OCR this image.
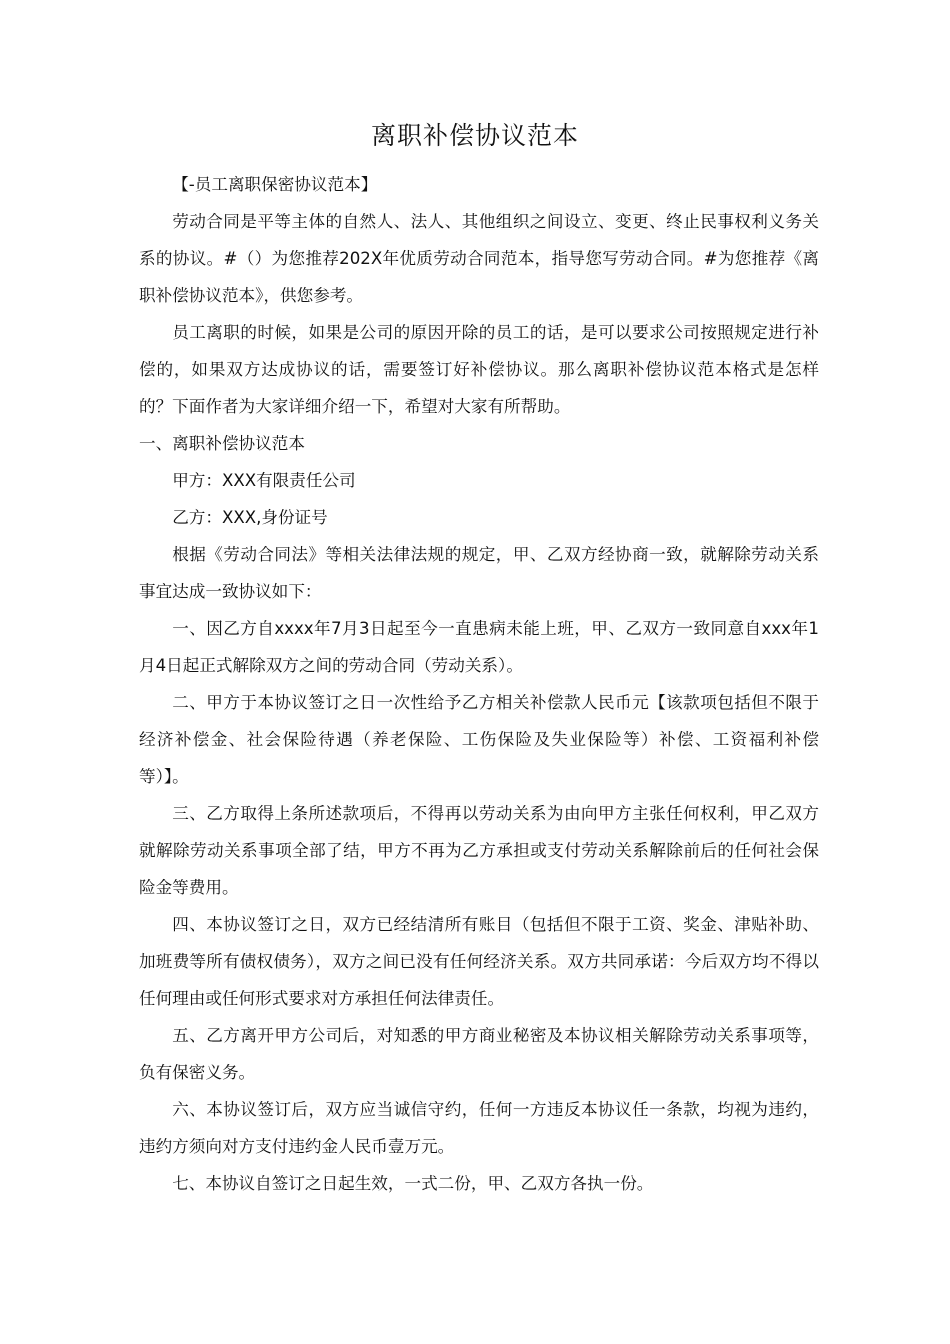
离职补偿协议范本

【-员工离职保密协议范本】

劳动合同是平等主体的自然人、法人、其他组织之间设立、变更、终止民事权利义务关系的协议。#（）为您推荐202X年优质劳动合同范本，指导您写劳动合同。#为您推荐《离职补偿协议范本》，供您参考。

员工离职的时候，如果是公司的原因开除的员工的话，是可以要求公司按照规定进行补偿的，如果双方达成协议的话，需要签订好补偿协议。那么离职补偿协议范本格式是怎样的？下面作者为大家详细介绍一下，希望对大家有所帮助。

一、离职补偿协议范本

甲方：XXX有限责任公司

乙方：XXX,身份证号

根据《劳动合同法》等相关法律法规的规定，甲、乙双方经协商一致，就解除劳动关系事宜达成一致协议如下：

一、因乙方自xxxx年7月3日起至今一直患病未能上班，甲、乙双方一致同意自xxx年1月4日起正式解除双方之间的劳动合同（劳动关系）。

二、甲方于本协议签订之日一次性给予乙方相关补偿款人民币元【该款项包括但不限于经济补偿金、社会保险待遇（养老保险、工伤保险及失业保险等）补偿、工资福利补偿等）】。

三、乙方取得上条所述款项后，不得再以劳动关系为由向甲方主张任何权利，甲乙双方就解除劳动关系事项全部了结，甲方不再为乙方承担或支付劳动关系解除前后的任何社会保险金等费用。

四、本协议签订之日，双方已经结清所有账目（包括但不限于工资、奖金、津贴补助、加班费等所有债权债务），双方之间已没有任何经济关系。双方共同承诺：今后双方均不得以任何理由或任何形式要求对方承担任何法律责任。

五、乙方离开甲方公司后，对知悉的甲方商业秘密及本协议相关解除劳动关系事项等，负有保密义务。

六、本协议签订后，双方应当诚信守约，任何一方违反本协议任一条款，均视为违约，违约方须向对方支付违约金人民币壹万元。

七、本协议自签订之日起生效，一式二份，甲、乙双方各执一份。
